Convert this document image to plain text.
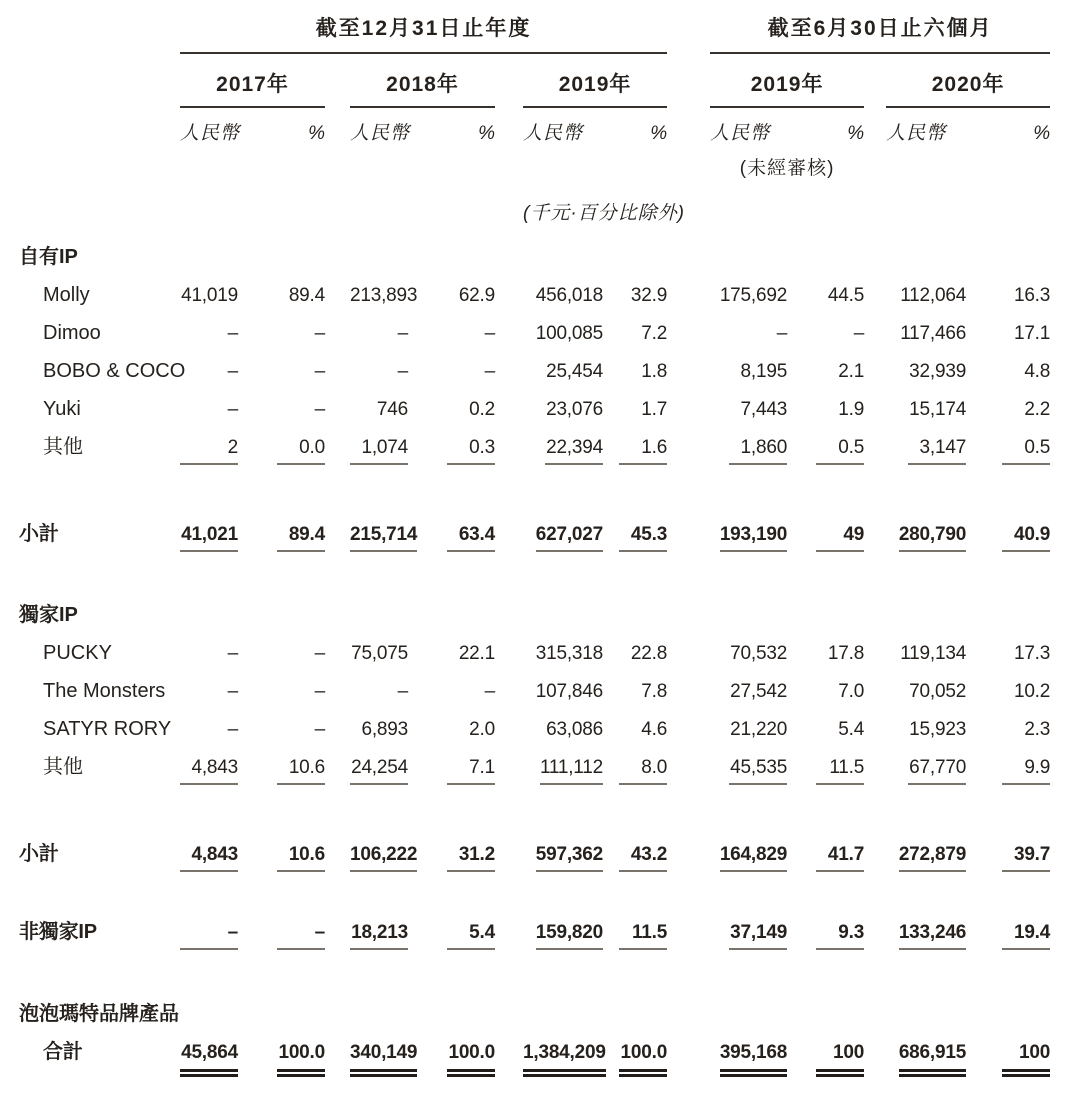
	截至12月31日止年度									截至6月30日止六個月				
	2017年			2018年			2019年			2019年			2020年	
	人民幣	%		人民幣	%		人民幣	%		人民幣	%		人民幣	%
										(未經審核)				
							(千元·百分比除外)							
自有IP														
Molly	41,019	89.4		213,893	62.9		456,018	32.9		175,692	44.5		112,064	16.3
Dimoo	–	–		–	–		100,085	7.2		–	–		117,466	17.1
BOBO & COCO	–	–		–	–		25,454	1.8		8,195	2.1		32,939	4.8
Yuki	–	–		746	0.2		23,076	1.7		7,443	1.9		15,174	2.2
其他	2	0.0		1,074	0.3		22,394	1.6		1,860	0.5		3,147	0.5
小計	41,021	89.4		215,714	63.4		627,027	45.3		193,190	49		280,790	40.9
獨家IP														
PUCKY	–	–		75,075	22.1		315,318	22.8		70,532	17.8		119,134	17.3
The Monsters	–	–		–	–		107,846	7.8		27,542	7.0		70,052	10.2
SATYR RORY	–	–		6,893	2.0		63,086	4.6		21,220	5.4		15,923	2.3
其他	4,843	10.6		24,254	7.1		111,112	8.0		45,535	11.5		67,770	9.9
小計	4,843	10.6		106,222	31.2		597,362	43.2		164,829	41.7		272,879	39.7
非獨家IP	–	–		18,213	5.4		159,820	11.5		37,149	9.3		133,246	19.4
泡泡瑪特品牌產品														
合計	45,864	100.0		340,149	100.0		1,384,209	100.0		395,168	100		686,915	100
